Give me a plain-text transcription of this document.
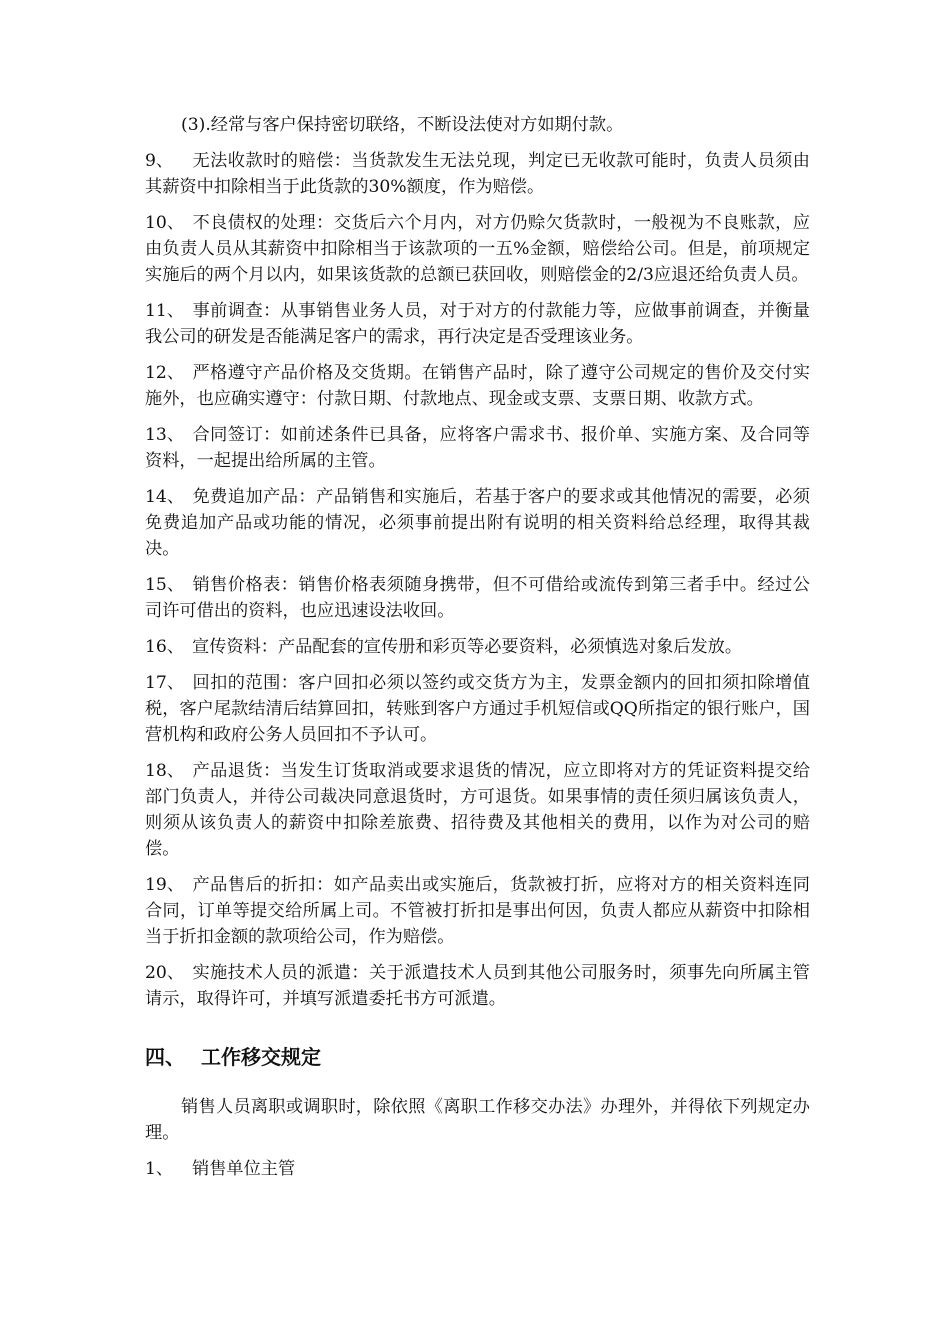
(3).经常与客户保持密切联络，不断设法使对方如期付款。

9、 无法收款时的赔偿：当货款发生无法兑现，判定已无收款可能时，负责人员须由其薪资中扣除相当于此货款的30%额度，作为赔偿。

10、 不良债权的处理：交货后六个月内，对方仍赊欠货款时，一般视为不良账款，应由负责人员从其薪资中扣除相当于该款项的一五%金额，赔偿给公司。但是，前项规定实施后的两个月以内，如果该货款的总额已获回收，则赔偿金的2/3应退还给负责人员。

11、 事前调查：从事销售业务人员，对于对方的付款能力等，应做事前调查，并衡量我公司的研发是否能满足客户的需求，再行决定是否受理该业务。

12、 严格遵守产品价格及交货期。在销售产品时，除了遵守公司规定的售价及交付实施外，也应确实遵守：付款日期、付款地点、现金或支票、支票日期、收款方式。

13、 合同签订：如前述条件已具备，应将客户需求书、报价单、实施方案、及合同等资料，一起提出给所属的主管。

14、 免费追加产品：产品销售和实施后，若基于客户的要求或其他情况的需要，必须免费追加产品或功能的情况，必须事前提出附有说明的相关资料给总经理，取得其裁决。

15、 销售价格表：销售价格表须随身携带，但不可借给或流传到第三者手中。经过公司许可借出的资料，也应迅速设法收回。

16、 宣传资料：产品配套的宣传册和彩页等必要资料，必须慎选对象后发放。

17、 回扣的范围：客户回扣必须以签约或交货方为主，发票金额内的回扣须扣除增值税，客户尾款结清后结算回扣，转账到客户方通过手机短信或QQ所指定的银行账户，国营机构和政府公务人员回扣不予认可。

18、 产品退货：当发生订货取消或要求退货的情况，应立即将对方的凭证资料提交给部门负责人，并待公司裁决同意退货时，方可退货。如果事情的责任须归属该负责人，则须从该负责人的薪资中扣除差旅费、招待费及其他相关的费用，以作为对公司的赔偿。

19、 产品售后的折扣：如产品卖出或实施后，货款被打折，应将对方的相关资料连同合同，订单等提交给所属上司。不管被打折扣是事出何因，负责人都应从薪资中扣除相当于折扣金额的款项给公司，作为赔偿。

20、 实施技术人员的派遣：关于派遣技术人员到其他公司服务时，须事先向所属主管请示，取得许可，并填写派遣委托书方可派遣。

四、 工作移交规定

销售人员离职或调职时，除依照《离职工作移交办法》办理外，并得依下列规定办理。

1、 销售单位主管
